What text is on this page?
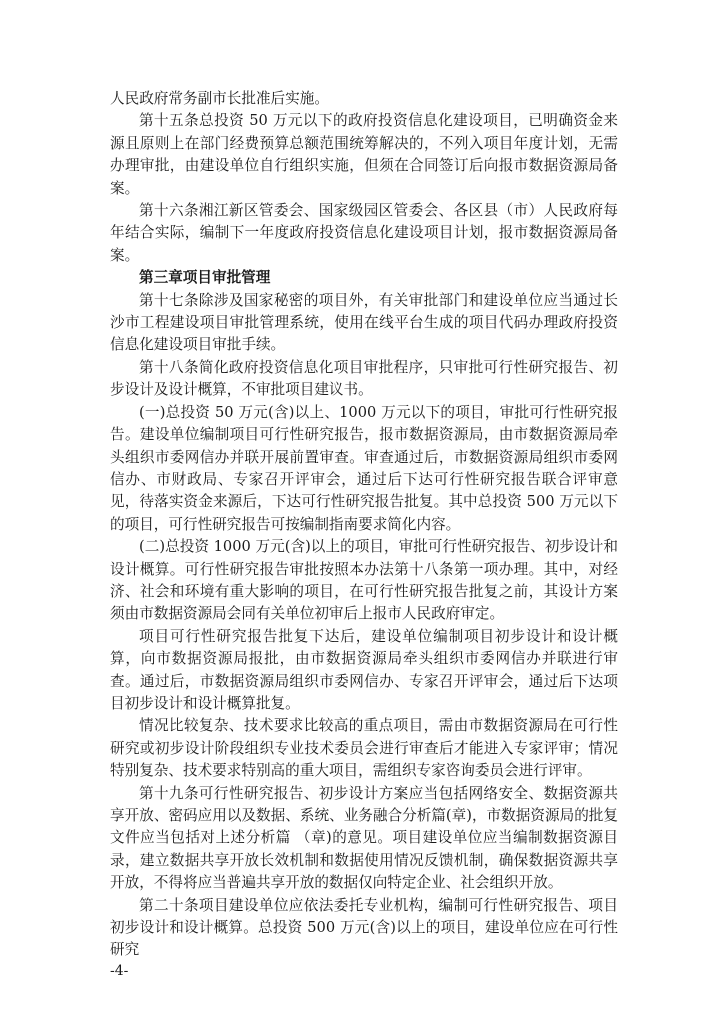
人民政府常务副市长批准后实施。

第十五条总投资 50 万元以下的政府投资信息化建设项目，已明确资金来源且原则上在部门经费预算总额范围统筹解决的，不列入项目年度计划，无需办理审批，由建设单位自行组织实施，但须在合同签订后向报市数据资源局备案。

第十六条湘江新区管委会、国家级园区管委会、各区县（市）人民政府每年结合实际，编制下一年度政府投资信息化建设项目计划，报市数据资源局备案。

第三章项目审批管理

第十七条除涉及国家秘密的项目外，有关审批部门和建设单位应当通过长沙市工程建设项目审批管理系统，使用在线平台生成的项目代码办理政府投资信息化建设项目审批手续。

第十八条简化政府投资信息化项目审批程序，只审批可行性研究报告、初步设计及设计概算，不审批项目建议书。

(一)总投资 50 万元(含)以上、1000 万元以下的项目，审批可行性研究报告。建设单位编制项目可行性研究报告，报市数据资源局，由市数据资源局牵头组织市委网信办并联开展前置审查。审查通过后，市数据资源局组织市委网信办、市财政局、专家召开评审会，通过后下达可行性研究报告联合评审意见，待落实资金来源后，下达可行性研究报告批复。其中总投资 500 万元以下的项目，可行性研究报告可按编制指南要求简化内容。

(二)总投资 1000 万元(含)以上的项目，审批可行性研究报告、初步设计和设计概算。可行性研究报告审批按照本办法第十八条第一项办理。其中，对经济、社会和环境有重大影响的项目，在可行性研究报告批复之前，其设计方案须由市数据资源局会同有关单位初审后上报市人民政府审定。

项目可行性研究报告批复下达后，建设单位编制项目初步设计和设计概算，向市数据资源局报批，由市数据资源局牵头组织市委网信办并联进行审查。通过后，市数据资源局组织市委网信办、专家召开评审会，通过后下达项目初步设计和设计概算批复。

情况比较复杂、技术要求比较高的重点项目，需由市数据资源局在可行性研究或初步设计阶段组织专业技术委员会进行审查后才能进入专家评审；情况特别复杂、技术要求特别高的重大项目，需组织专家咨询委员会进行评审。

第十九条可行性研究报告、初步设计方案应当包括网络安全、数据资源共享开放、密码应用以及数据、系统、业务融合分析篇(章)，市数据资源局的批复文件应当包括对上述分析篇 （章)的意见。项目建设单位应当编制数据资源目录，建立数据共享开放长效机制和数据使用情况反馈机制，确保数据资源共享开放，不得将应当普遍共享开放的数据仅向特定企业、社会组织开放。

第二十条项目建设单位应依法委托专业机构，编制可行性研究报告、项目初步设计和设计概算。总投资 500 万元(含)以上的项目，建设单位应在可行性研究

-4-
